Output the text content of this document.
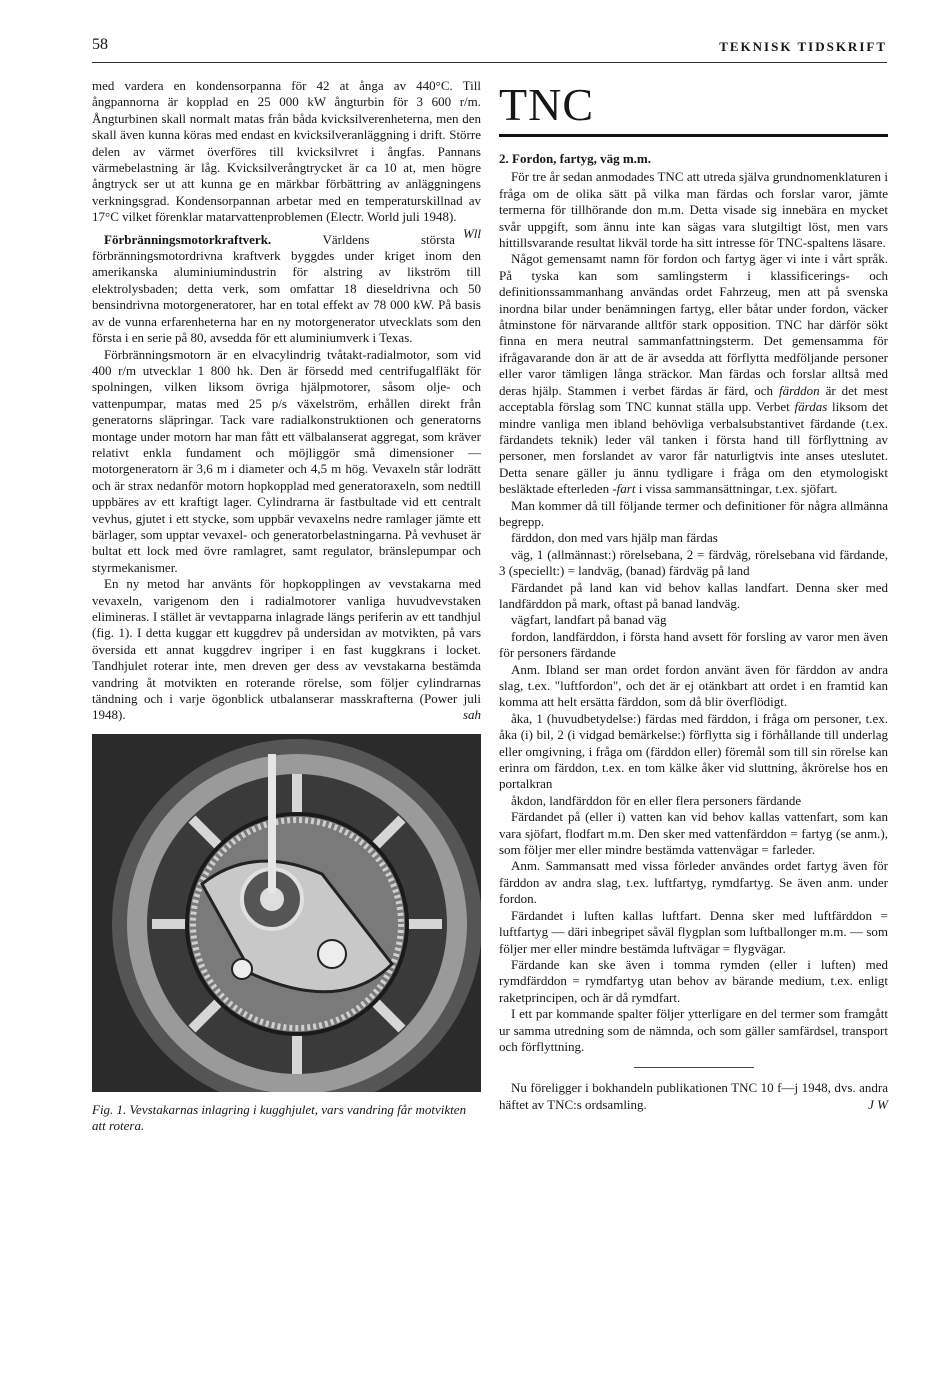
58	TEKNISK TIDSKRIFT

med vardera en kondensorpanna för 42 at ånga av 440°C. Till ångpannorna är kopplad en 25 000 kW ångturbin för 3 600 r/m. Ångturbinen skall normalt matas från båda kvicksilverenheterna, men den skall även kunna köras med endast en kvicksilveranläggning i drift. Större delen av värmet överföres till kvicksilvret i ångfas. Pannans värmebelastning är låg. Kvicksilverångtrycket är ca 10 at, men högre ångtryck ser ut att kunna ge en märkbar förbättring av anläggningens verkningsgrad. Kondensorpannan arbetar med en temperaturskillnad av 17°C vilket förenklar matarvattenproblemen (Electr. World juli 1948).
Wll

Förbränningsmotorkraftverk.	Världens största förbränningsmotordrivna kraftverk byggdes under kriget inom den amerikanska aluminiumindustrin för alstring av likström till elektrolysbaden; detta verk, som omfattar 18 dieseldrivna och 50 bensindrivna motorgeneratorer, har en total effekt av 78 000 kW. På basis av de vunna erfarenheterna har en ny motorgenerator utvecklats som den första i en serie på 80, avsedda för ett aluminiumverk i Texas.

Förbränningsmotorn är en elvacylindrig tvåtakt-radialmotor, som vid 400 r/m utvecklar 1 800 hk. Den är försedd med centrifugalfläkt för spolningen, vilken liksom övriga hjälpmotorer, såsom olje- och vattenpumpar, matas med 25 p/s växelström, erhållen direkt från generatorns släpringar. Tack vare radialkonstruktionen och generatorns montage under motorn har man fått ett välbalanserat aggregat, som kräver relativt enkla fundament och möjliggör små dimensioner — motorgeneratorn är 3,6 m i diameter och 4,5 m hög. Vevaxeln står lodrätt och är strax nedanför motorn hopkopplad med generatoraxeln, som nedtill uppbäres av ett kraftigt lager. Cylindrarna är fastbultade vid ett centralt vevhus, gjutet i ett stycke, som uppbär vevaxelns nedre ramlager jämte ett bärlager, som upptar vevaxel- och generatorbelastningarna. På vevhuset är bultat ett lock med övre ramlagret, samt regulator, bränslepumpar och styrmekanismer.

En ny metod har använts för hopkopplingen av vevstakarna med vevaxeln, varigenom den i radialmotorer vanliga huvudvevstaken elimineras. I stället är vevtapparna inlagrade längs periferin av ett tandhjul (fig. 1). I detta kuggar ett kuggdrev på undersidan av motvikten, på vars översida ett annat kuggdrev ingriper i en fast kuggkrans i locket. Tandhjulet roterar inte, men dreven ger dess av vevstakarna bestämda vandring åt motvikten en roterande rörelse, som följer cylindrarnas tändning och i varje ögonblick utbalanserar masskrafterna (Power juli 1948).	sah

Fig. 1. Vevstakarnas inlagring i kugghjulet, vars vandring får motvikten att rotera.
TNC
2. Fordon, fartyg, väg m.m.

För tre år sedan anmodades TNC att utreda själva grundnomenklaturen i fråga om de olika sätt på vilka man färdas och forslar varor, jämte termerna för tillhörande don m.m. Detta visade sig innebära en mycket svår uppgift, som ännu inte kan sägas vara slutgiltigt löst, men vars hittillsvarande resultat likväl torde ha sitt intresse för TNC-spaltens läsare.

Något gemensamt namn för fordon och fartyg äger vi inte i vårt språk. På tyska kan som samlingsterm i klassificerings- och definitionssammanhang användas ordet Fahrzeug, men att på svenska inordna bilar under benämningen fartyg, eller båtar under fordon, väcker åtminstone för närvarande alltför stark opposition. TNC har därför sökt finna en mera neutral sammanfattningsterm. Det gemensamma för ifrågavarande don är att de är avsedda att förflytta medföljande personer eller varor tämligen långa sträckor. Man färdas och forslar alltså med deras hjälp. Stammen i verbet färdas är färd, och färddon är det mest acceptabla förslag som TNC kunnat ställa upp. Verbet färdas liksom det mindre vanliga men ibland behövliga verbalsubstantivet färdande (t.ex. färdandets teknik) leder väl tanken i första hand till förflyttning av personer, men forslandet av varor får naturligtvis inte anses uteslutet. Detta senare gäller ju ännu tydligare i fråga om den etymologiskt besläktade efterleden -fart i vissa sammansättningar, t.ex. sjöfart.

Man kommer då till följande termer och definitioner för några allmänna begrepp.

färddon, don med vars hjälp man färdas

väg, 1 (allmännast:) rörelsebana, 2 = färdväg, rörelsebana vid färdande, 3 (speciellt:) = landväg, (banad) färdväg på land

Färdandet på land kan vid behov kallas landfart. Denna sker med landfärddon på mark, oftast på banad landväg.

vägfart, landfart på banad väg

fordon, landfärddon, i första hand avsett för forsling av varor men även för personers färdande

Anm. Ibland ser man ordet fordon använt även för färddon av andra slag, t.ex. "luftfordon", och det är ej otänkbart att ordet i en framtid kan komma att helt ersätta färddon, som då blir överflödigt.

åka, 1 (huvudbetydelse:) färdas med färddon, i fråga om personer, t.ex. åka (i) bil, 2 (i vidgad bemärkelse:) förflytta sig i förhållande till underlag eller omgivning, i fråga om (färddon eller) föremål som till sin rörelse kan erinra om färddon, t.ex. en tom kälke åker vid sluttning, åkrörelse hos en portalkran

åkdon, landfärddon för en eller flera personers färdande

Färdandet på (eller i) vatten kan vid behov kallas vattenfart, som kan vara sjöfart, flodfart m.m. Den sker med vattenfärddon = fartyg (se anm.), som följer mer eller mindre bestämda vattenvägar = farleder.

Anm. Sammansatt med vissa förleder användes ordet fartyg även för färddon av andra slag, t.ex. luftfartyg, rymdfartyg. Se även anm. under fordon.

Färdandet i luften kallas luftfart. Denna sker med luftfärddon = luftfartyg — däri inbegripet såväl flygplan som luftballonger m.m. — som följer mer eller mindre bestämda luftvägar = flygvägar.

Färdande kan ske även i tomma rymden (eller i luften) med rymdfärddon = rymdfartyg utan behov av bärande medium, t.ex. enligt raketprincipen, och är då rymdfart.

I ett par kommande spalter följer ytterligare en del termer som framgått ur samma utredning som de nämnda, och som gäller samfärdsel, transport och förflyttning.

Nu föreligger i bokhandeln publikationen TNC 10 f—j 1948, dvs. andra häftet av TNC:s ordsamling.	J W
